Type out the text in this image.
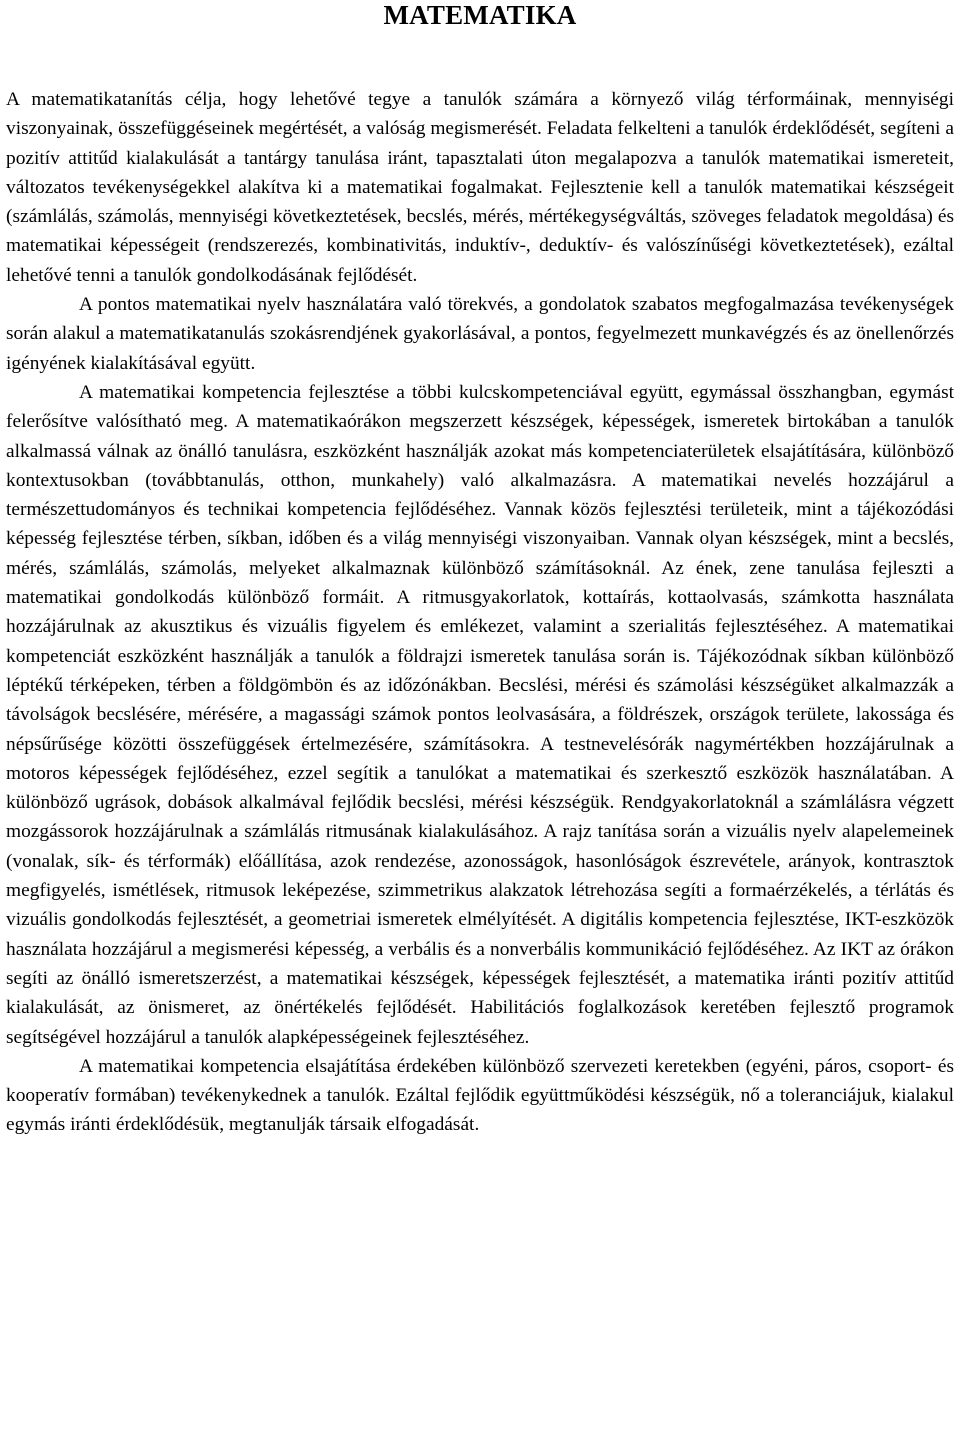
MATEMATIKA

A matematikatanítás célja, hogy lehetővé tegye a tanulók számára a környező világ térformáinak, mennyiségi viszonyainak, összefüggéseinek megértését, a valóság megismerését. Feladata felkelteni a tanulók érdeklődését, segíteni a pozitív attitűd kialakulását a tantárgy tanulása iránt, tapasztalati úton megalapozva a tanulók matematikai ismereteit, változatos tevékenységekkel alakítva ki a matematikai fogalmakat. Fejlesztenie kell a tanulók matematikai készségeit (számlálás, számolás, mennyiségi következtetések, becslés, mérés, mértékegységváltás, szöveges feladatok megoldása) és matematikai képességeit (rendszerezés, kombinativitás, induktív-, deduktív- és valószínűségi következtetések), ezáltal lehetővé tenni a tanulók gondolkodásának fejlődését.

A pontos matematikai nyelv használatára való törekvés, a gondolatok szabatos megfogalmazása tevékenységek során alakul a matematikatanulás szokásrendjének gyakorlásával, a pontos, fegyelmezett munkavégzés és az önellenőrzés igényének kialakításával együtt.

A matematikai kompetencia fejlesztése a többi kulcskompetenciával együtt, egymással összhangban, egymást felerősítve valósítható meg. A matematikaórákon megszerzett készségek, képességek, ismeretek birtokában a tanulók alkalmassá válnak az önálló tanulásra, eszközként használják azokat más kompetenciaterületek elsajátítására, különböző kontextusokban (továbbtanulás, otthon, munkahely) való alkalmazásra. A matematikai nevelés hozzájárul a természettudományos és technikai kompetencia fejlődéséhez. Vannak közös fejlesztési területeik, mint a tájékozódási képesség fejlesztése térben, síkban, időben és a világ mennyiségi viszonyaiban. Vannak olyan készségek, mint a becslés, mérés, számlálás, számolás, melyeket alkalmaznak különböző számításoknál. Az ének, zene tanulása fejleszti a matematikai gondolkodás különböző formáit. A ritmusgyakorlatok, kottaírás, kottaolvasás, számkotta használata hozzájárulnak az akusztikus és vizuális figyelem és emlékezet, valamint a szerialitás fejlesztéséhez. A matematikai kompetenciát eszközként használják a tanulók a földrajzi ismeretek tanulása során is. Tájékozódnak síkban különböző léptékű térképeken, térben a földgömbön és az időzónákban. Becslési, mérési és számolási készségüket alkalmazzák a távolságok becslésére, mérésére, a magassági számok pontos leolvasására, a földrészek, országok területe, lakossága és népsűrűsége közötti összefüggések értelmezésére, számításokra. A testnevelésórák nagymértékben hozzájárulnak a motoros képességek fejlődéséhez, ezzel segítik a tanulókat a matematikai és szerkesztő eszközök használatában. A különböző ugrások, dobások alkalmával fejlődik becslési, mérési készségük. Rendgyakorlatoknál a számlálásra végzett mozgássorok hozzájárulnak a számlálás ritmusának kialakulásához. A rajz tanítása során a vizuális nyelv alapelemeinek (vonalak, sík- és térformák) előállítása, azok rendezése, azonosságok, hasonlóságok észrevétele, arányok, kontrasztok megfigyelés, ismétlések, ritmusok leképezése, szimmetrikus alakzatok létrehozása segíti a formaérzékelés, a térlátás és vizuális gondolkodás fejlesztését, a geometriai ismeretek elmélyítését. A digitális kompetencia fejlesztése, IKT-eszközök használata hozzájárul a megismerési képesség, a verbális és a nonverbális kommunikáció fejlődéséhez. Az IKT az órákon segíti az önálló ismeretszerzést, a matematikai készségek, képességek fejlesztését, a matematika iránti pozitív attitűd kialakulását, az önismeret, az önértékelés fejlődését. Habilitációs foglalkozások keretében fejlesztő programok segítségével hozzájárul a tanulók alapképességeinek fejlesztéséhez.

A matematikai kompetencia elsajátítása érdekében különböző szervezeti keretekben (egyéni, páros, csoport- és kooperatív formában) tevékenykednek a tanulók. Ezáltal fejlődik együttműködési készségük, nő a toleranciájuk, kialakul egymás iránti érdeklődésük, megtanulják társaik elfogadását.
